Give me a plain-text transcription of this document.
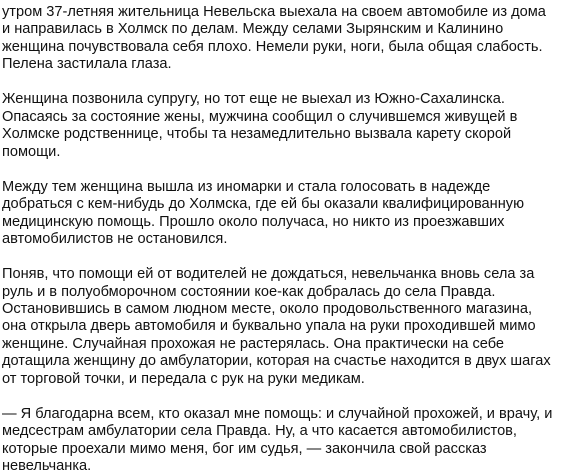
утром 37-летняя жительница Невельска выехала на своем автомобиле из дома и направилась в Холмск по делам. Между селами Зырянским и Калинино женщина почувствовала себя плохо. Немели руки, ноги, была общая слабость. Пелена застилала глаза.

Женщина позвонила супругу, но тот еще не выехал из Южно-Сахалинска. Опасаясь за состояние жены, мужчина сообщил о случившемся живущей в Холмске родственнице, чтобы та незамедлительно вызвала карету скорой помощи.

Между тем женщина вышла из иномарки и стала голосовать в надежде добраться с кем-нибудь до Холмска, где ей бы оказали квалифицированную медицинскую помощь. Прошло около получаса, но никто из проезжавших автомобилистов не остановился.

Поняв, что помощи ей от водителей не дождаться, невельчанка вновь села за руль и в полуобморочном состоянии кое-как добралась до села Правда. Остановившись в самом людном месте, около продовольственного магазина, она открыла дверь автомобиля и буквально упала на руки проходившей мимо женщине. Случайная прохожая не растерялась. Она практически на себе дотащила женщину до амбулатории, которая на счастье находится в двух шагах от торговой точки, и передала с рук на руки медикам.

— Я благодарна всем, кто оказал мне помощь: и случайной прохожей, и врачу, и медсестрам амбулатории села Правда. Ну, а что касается автомобилистов, которые проехали мимо меня, бог им судья, — закончила свой рассказ невельчанка.
